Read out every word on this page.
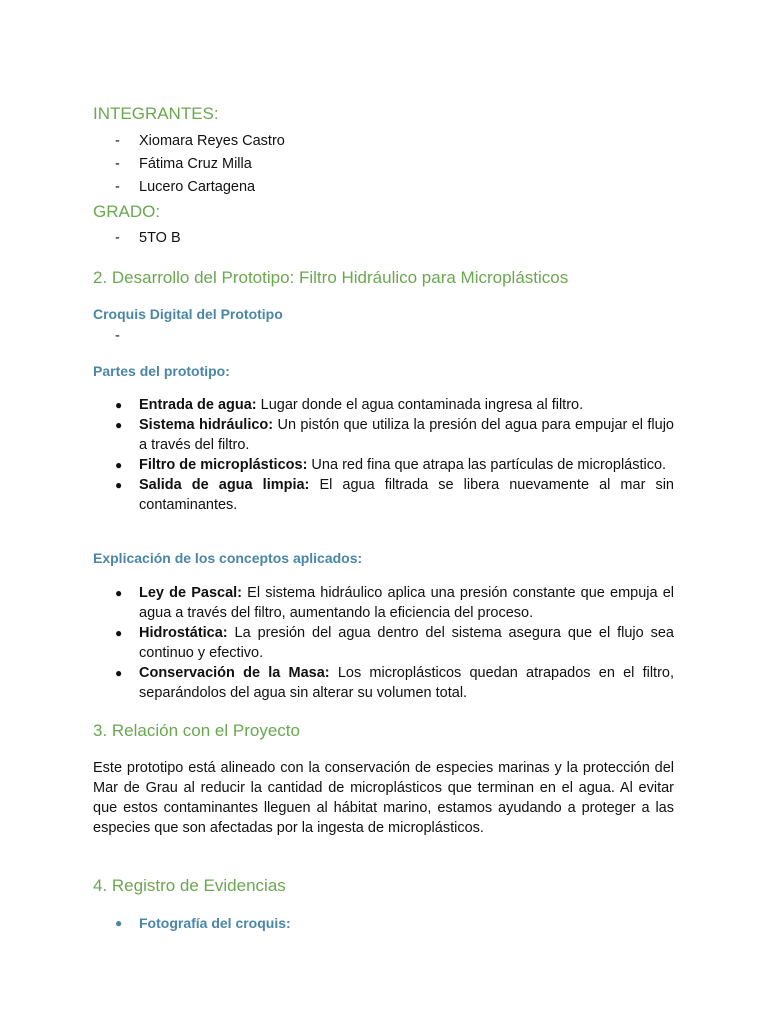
INTEGRANTES:
- Xiomara Reyes Castro
- Fátima Cruz Milla
- Lucero Cartagena
GRADO:
- 5TO B
2. Desarrollo del Prototipo: Filtro Hidráulico para Microplásticos
Croquis Digital del Prototipo
-
Partes del prototipo:
● Entrada de agua: Lugar donde el agua contaminada ingresa al filtro.
● Sistema hidráulico: Un pistón que utiliza la presión del agua para empujar el flujo a través del filtro.
● Filtro de microplásticos: Una red fina que atrapa las partículas de microplástico.
● Salida de agua limpia: El agua filtrada se libera nuevamente al mar sin contaminantes.
Explicación de los conceptos aplicados:
● Ley de Pascal: El sistema hidráulico aplica una presión constante que empuja el agua a través del filtro, aumentando la eficiencia del proceso.
● Hidrostática: La presión del agua dentro del sistema asegura que el flujo sea continuo y efectivo.
● Conservación de la Masa: Los microplásticos quedan atrapados en el filtro, separándolos del agua sin alterar su volumen total.
3. Relación con el Proyecto

Este prototipo está alineado con la conservación de especies marinas y la protección del Mar de Grau al reducir la cantidad de microplásticos que terminan en el agua. Al evitar que estos contaminantes lleguen al hábitat marino, estamos ayudando a proteger a las especies que son afectadas por la ingesta de microplásticos.

4. Registro de Evidencias
● Fotografía del croquis:
